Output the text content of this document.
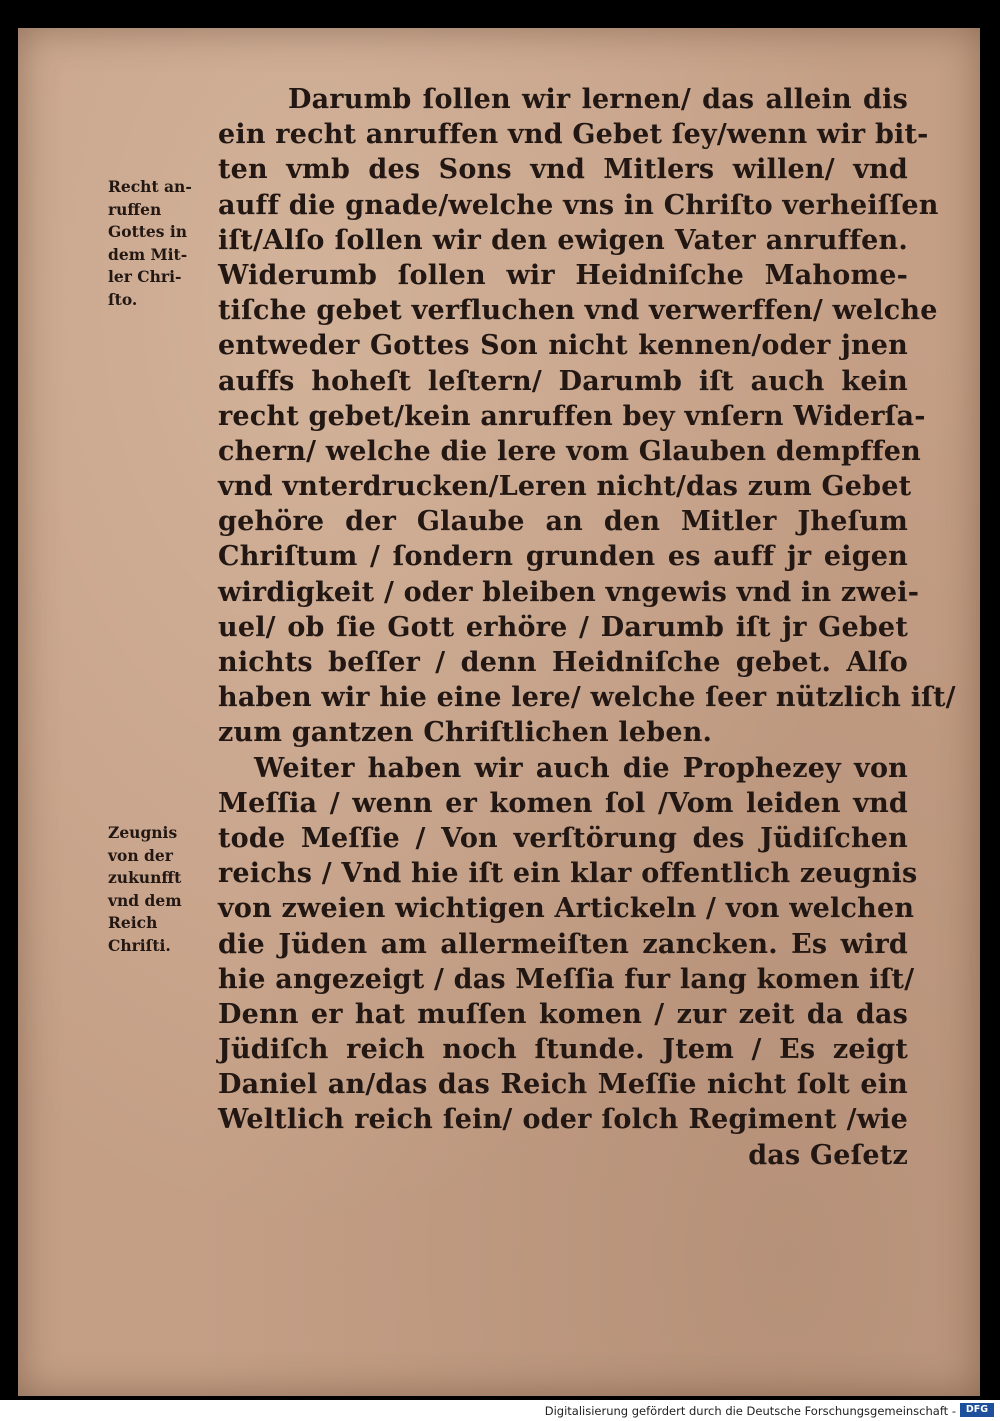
Recht an-
ruffen
Gottes in
dem Mit-
ler Chri-
ſto.
Zeugnis
von der
zukunfft
vnd dem
Reich
Chriſti.
Darumb ſollen wir lernen/ das allein dis
ein recht anruffen vnd Gebet ſey/wenn wir bit-
ten vmb des Sons vnd Mitlers willen/ vnd
auff die gnade/welche vns in Chriſto verheiſſen
iſt/Alſo ſollen wir den ewigen Vater anruffen.
Widerumb ſollen wir Heidniſche Mahome-
tiſche gebet verfluchen vnd verwerffen/ welche
entweder Gottes Son nicht kennen/oder jnen
auffs hoheſt leſtern/ Darumb iſt auch kein
recht gebet/kein anruffen bey vnſern Widerſa-
chern/ welche die lere vom Glauben dempffen
vnd vnterdrucken/Leren nicht/das zum Gebet
gehöre der Glaube an den Mitler Jheſum
Chriſtum / ſondern grunden es auff jr eigen
wirdigkeit / oder bleiben vngewis vnd in zwei-
uel/ ob ſie Gott erhöre / Darumb iſt jr Gebet
nichts beſſer / denn Heidniſche gebet. Alſo
haben wir hie eine lere/ welche ſeer nützlich iſt/
zum gantzen Chriſtlichen leben.
Weiter haben wir auch die Prophezey von
Meſſia / wenn er komen ſol /Vom leiden vnd
tode Meſſie / Von verſtörung des Jüdiſchen
reichs / Vnd hie iſt ein klar offentlich zeugnis
von zweien wichtigen Artickeln / von welchen
die Jüden am allermeiſten zancken. Es wird
hie angezeigt / das Meſſia fur lang komen iſt/
Denn er hat muſſen komen / zur zeit da das
Jüdiſch reich noch ſtunde. Jtem / Es zeigt
Daniel an/das das Reich Meſſie nicht ſolt ein
Weltlich reich ſein/ oder ſolch Regiment /wie
das Geſetz
Digitalisierung gefördert durch die Deutsche Forschungsgemeinschaft -	DFG
